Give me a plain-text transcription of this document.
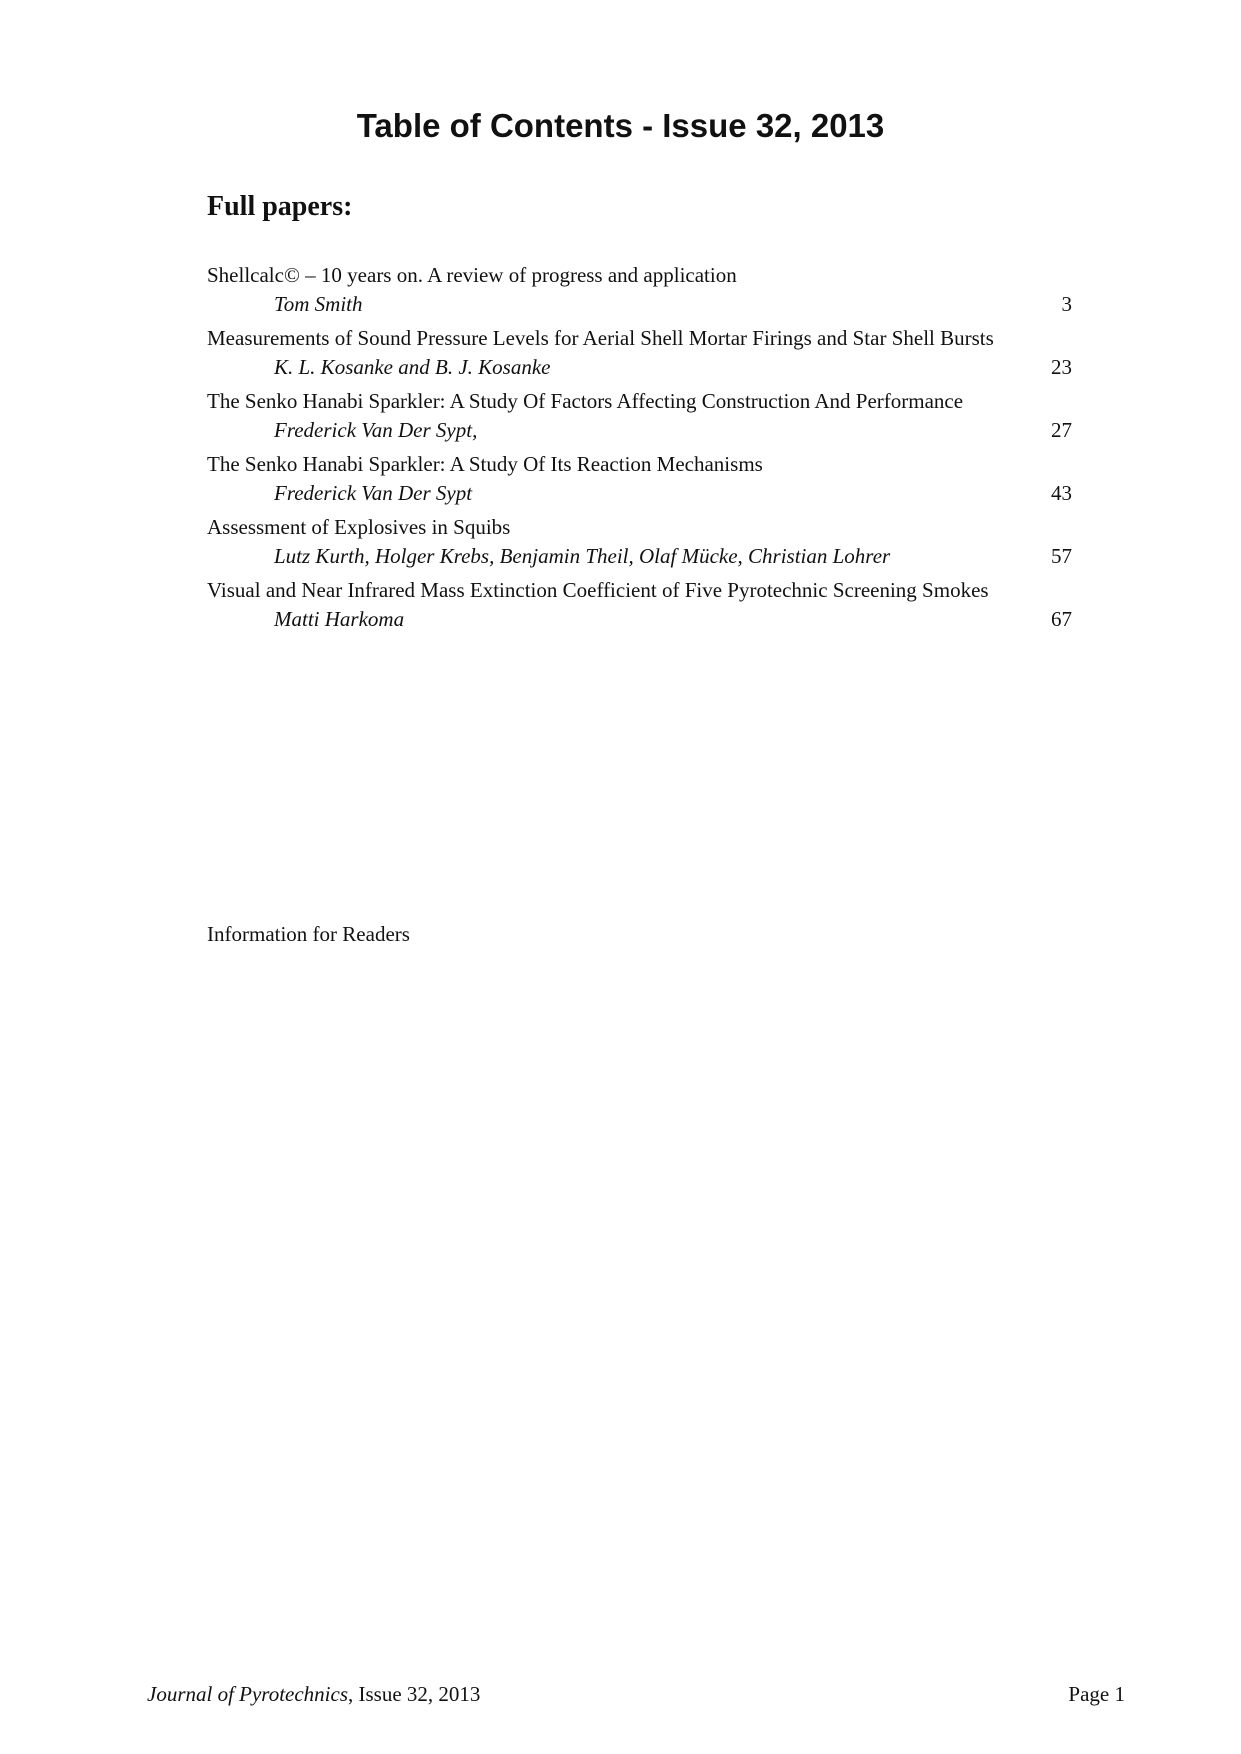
Table of Contents - Issue 32, 2013
Full papers:
Shellcalc© – 10 years on. A review of progress and application
Tom Smith	3
Measurements of Sound Pressure Levels for Aerial Shell Mortar Firings and Star Shell Bursts
K. L. Kosanke and B. J. Kosanke	23
The Senko Hanabi Sparkler: A Study Of Factors Affecting Construction And Performance
Frederick Van Der Sypt,	27
The Senko Hanabi Sparkler: A Study Of Its Reaction Mechanisms
Frederick Van Der Sypt	43
Assessment of Explosives in Squibs
Lutz Kurth, Holger Krebs, Benjamin Theil, Olaf Mücke, Christian Lohrer	57
Visual and Near Infrared Mass Extinction Coefficient of Five Pyrotechnic Screening Smokes
Matti Harkoma	67
Information for Readers
Journal of Pyrotechnics, Issue 32, 2013	Page 1
